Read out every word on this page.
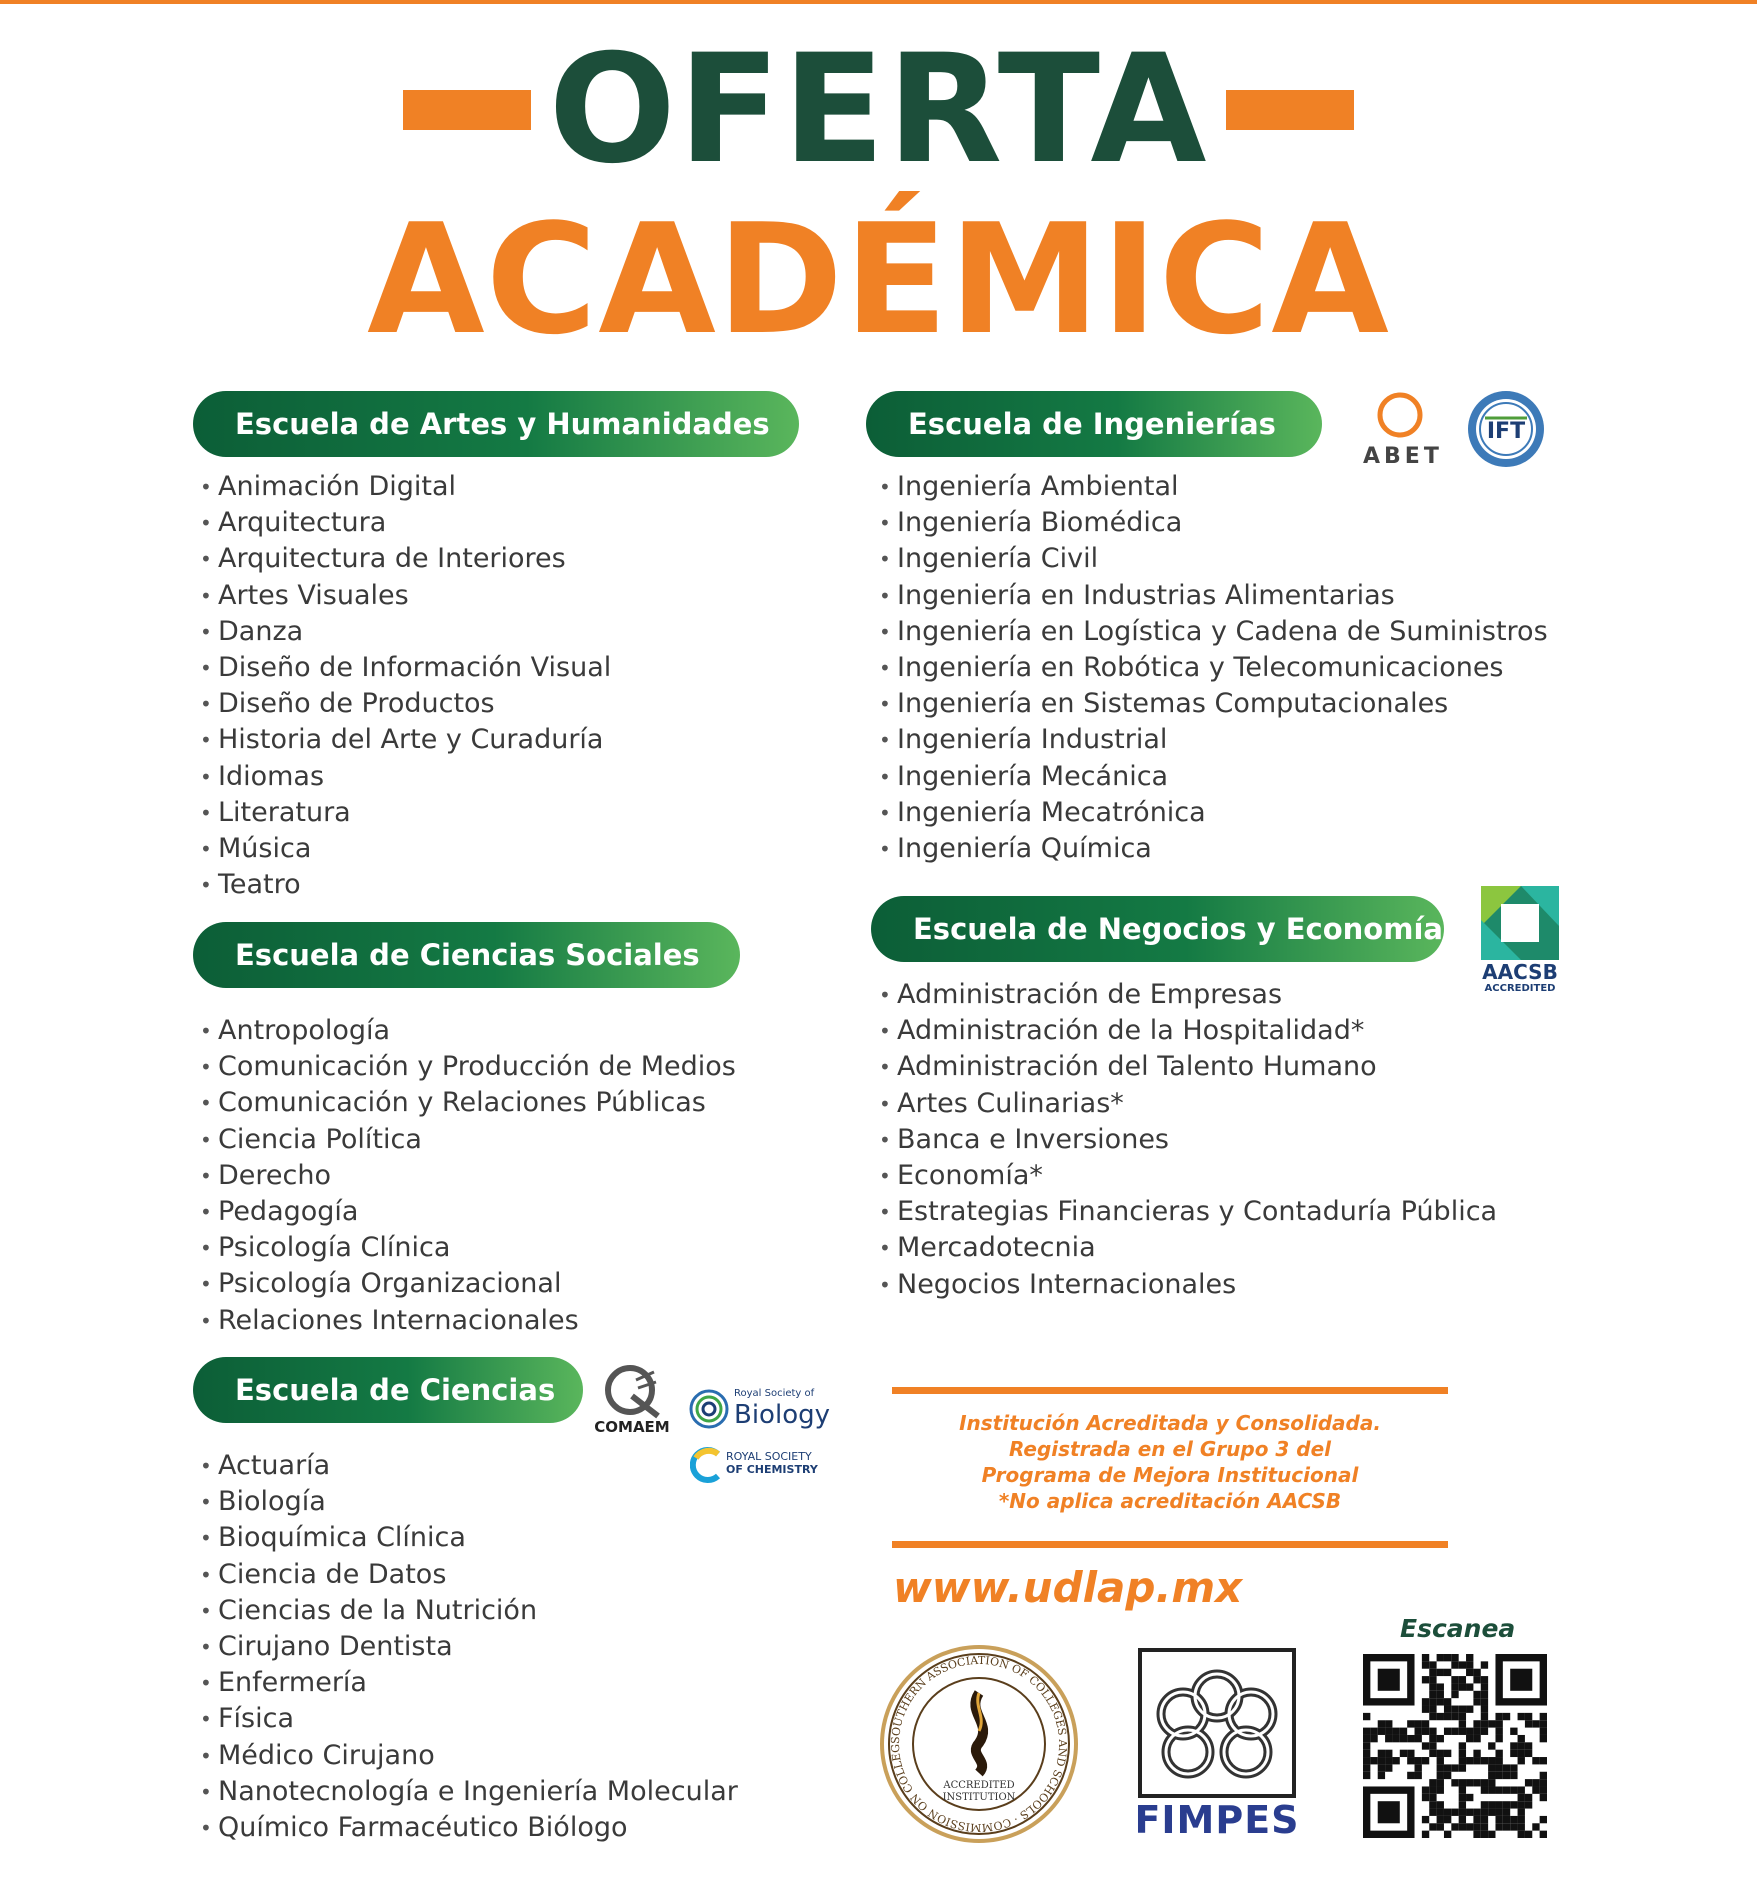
OFERTA
ACADÉMICA
Escuela de Artes y Humanidades
• Animación Digital
• Arquitectura
• Arquitectura de Interiores
• Artes Visuales
• Danza
• Diseño de Información Visual
• Diseño de Productos
• Historia del Arte y Curaduría
• Idiomas
• Literatura
• Música
• Teatro
Escuela de Ciencias Sociales
• Antropología
• Comunicación y Producción de Medios
• Comunicación y Relaciones Públicas
• Ciencia Política
• Derecho
• Pedagogía
• Psicología Clínica
• Psicología Organizacional
• Relaciones Internacionales
Escuela de Ciencias
• Actuaría
• Biología
• Bioquímica Clínica
• Ciencia de Datos
• Ciencias de la Nutrición
• Cirujano Dentista
• Enfermería
• Física
• Médico Cirujano
• Nanotecnología e Ingeniería Molecular
• Químico Farmacéutico Biólogo
Escuela de Ingenierías
• Ingeniería Ambiental
• Ingeniería Biomédica
• Ingeniería Civil
• Ingeniería en Industrias Alimentarias
• Ingeniería en Logística y Cadena de Suministros
• Ingeniería en Robótica y Telecomunicaciones
• Ingeniería en Sistemas Computacionales
• Ingeniería Industrial
• Ingeniería Mecánica
• Ingeniería Mecatrónica
• Ingeniería Química
Escuela de Negocios y Economía
• Administración de Empresas
• Administración de la Hospitalidad*
• Administración del Talento Humano
• Artes Culinarias*
• Banca e Inversiones
• Economía*
• Estrategias Financieras y Contaduría Pública
• Mercadotecnia
• Negocios Internacionales
ABET
IFT
AACSB
ACCREDITED
COMAEM
Royal Society of
Biology
ROYAL SOCIETY
OF CHEMISTRY
Institución Acreditada y Consolidada.
Registrada en el Grupo 3 del
Programa de Mejora Institucional
*No aplica acreditación AACSB
www.udlap.mx
Escanea
SOUTHERN ASSOCIATION OF COLLEGES AND SCHOOLS · COMMISSION ON COLLEG
ACCREDITED
INSTITUTION
FIMPES
